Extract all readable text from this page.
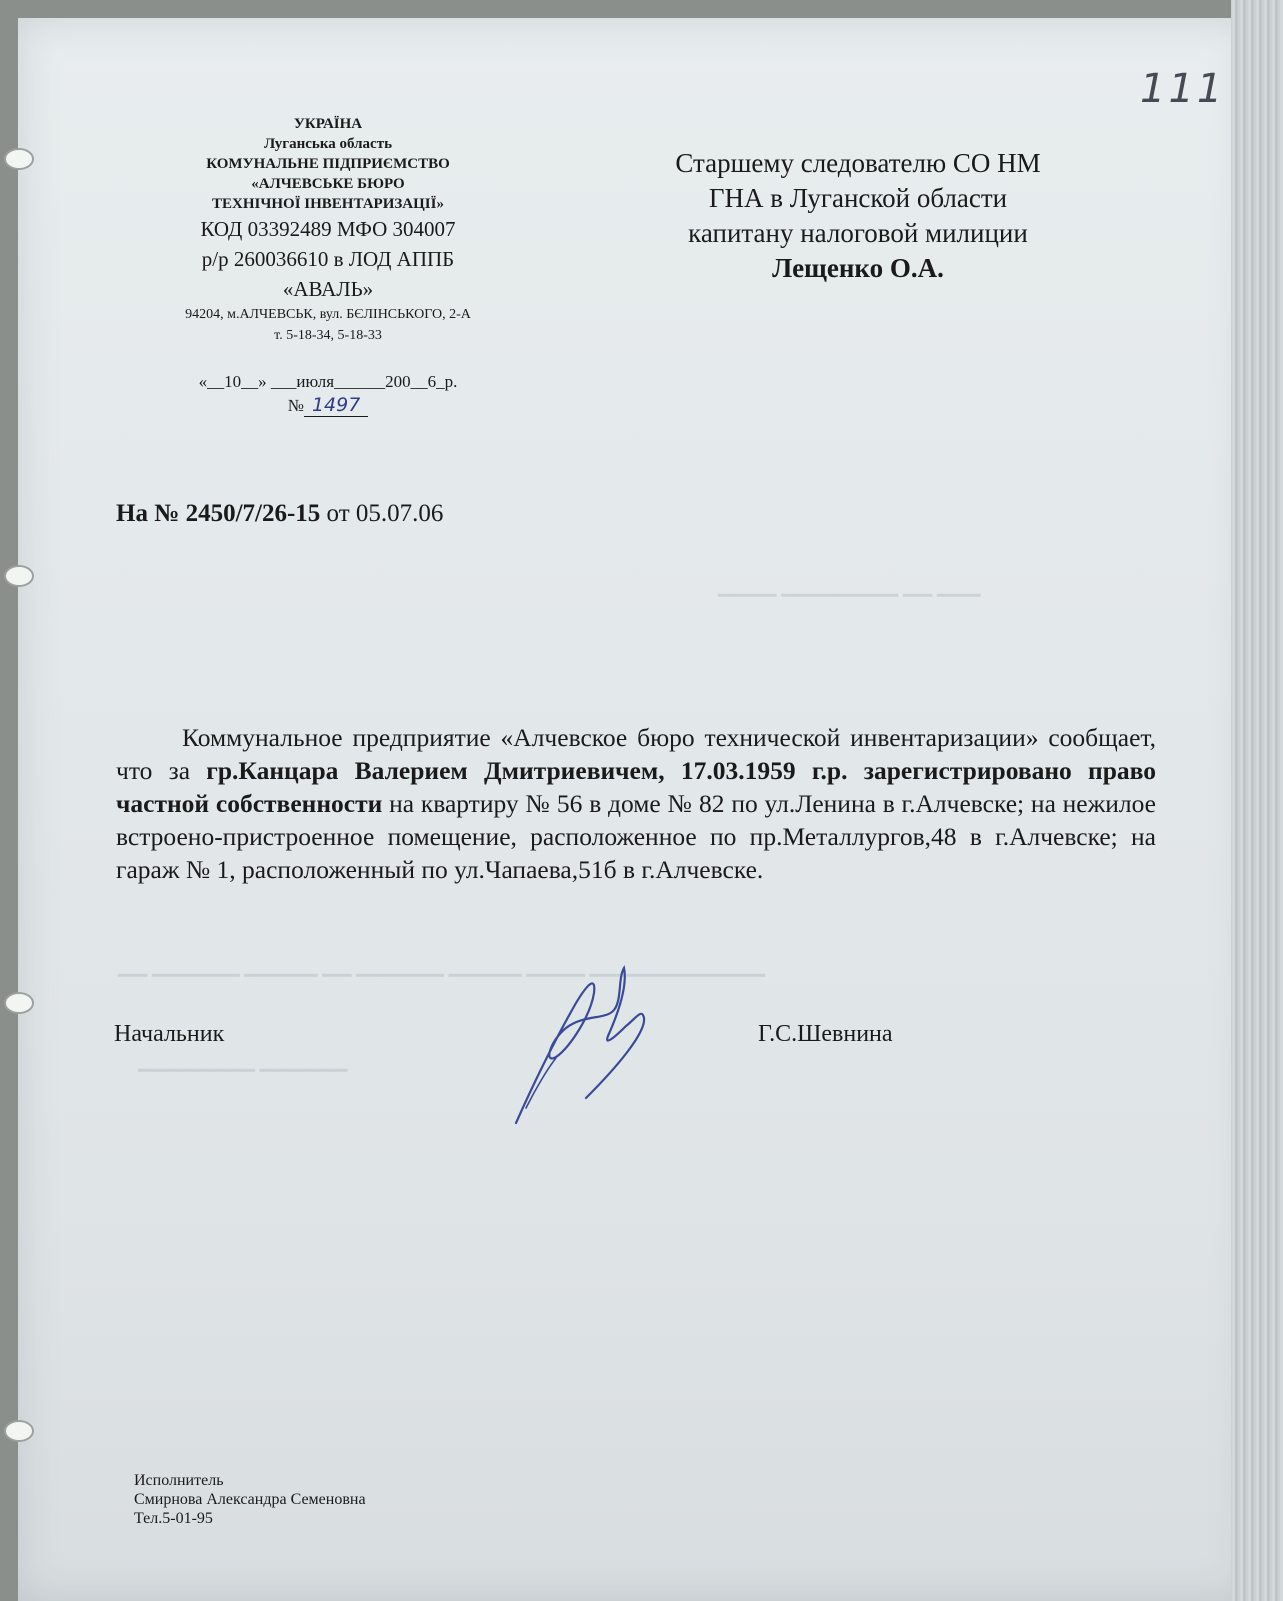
▁▁▁▁ ▁▁▁▁▁▁▁▁ ▁▁ ▁▁▁
▁▁ ▁▁▁▁▁▁ ▁▁▁▁▁ ▁▁ ▁▁▁▁▁▁ ▁▁▁▁▁ ▁▁▁▁ ▁▁▁▁▁▁▁▁▁▁▁▁
▁▁▁▁▁▁▁▁ ▁▁▁▁▁▁
111
УКРАЇНА
Луганська область
КОМУНАЛЬНЕ ПІДПРИЄМСТВО
«АЛЧЕВСЬКЕ БЮРО
ТЕХНІЧНОЇ ІНВЕНТАРИЗАЦІЇ»
КОД 03392489 МФО 304007
р/р 260036610 в ЛОД АППБ
«АВАЛЬ»
94204, м.АЛЧЕВСЬК, вул. БЄЛІНСЬКОГО, 2-А
т. 5-18-34, 5-18-33
«__10__» ___июля______200__6_р.
№ 1497
Старшему следователю СО НМ
ГНА в Луганской области
капитану налоговой милиции
Лещенко О.А.
На № 2450/7/26-15 от 05.07.06
Коммунальное предприятие «Алчевское бюро технической инвентаризации» сообщает, что за гр.Канцара Валерием Дмитриевичем, 17.03.1959 г.р. зарегистрировано право частной собственности на квартиру № 56 в доме № 82 по ул.Ленина в г.Алчевске; на нежилое встроено-пристроенное помещение, расположенное по пр.Металлургов,48 в г.Алчевске; на гараж № 1, расположенный по ул.Чапаева,51б в г.Алчевске.
Начальник	Г.С.Шевнина
Исполнитель
Смирнова Александра Семеновна
Тел.5-01-95
